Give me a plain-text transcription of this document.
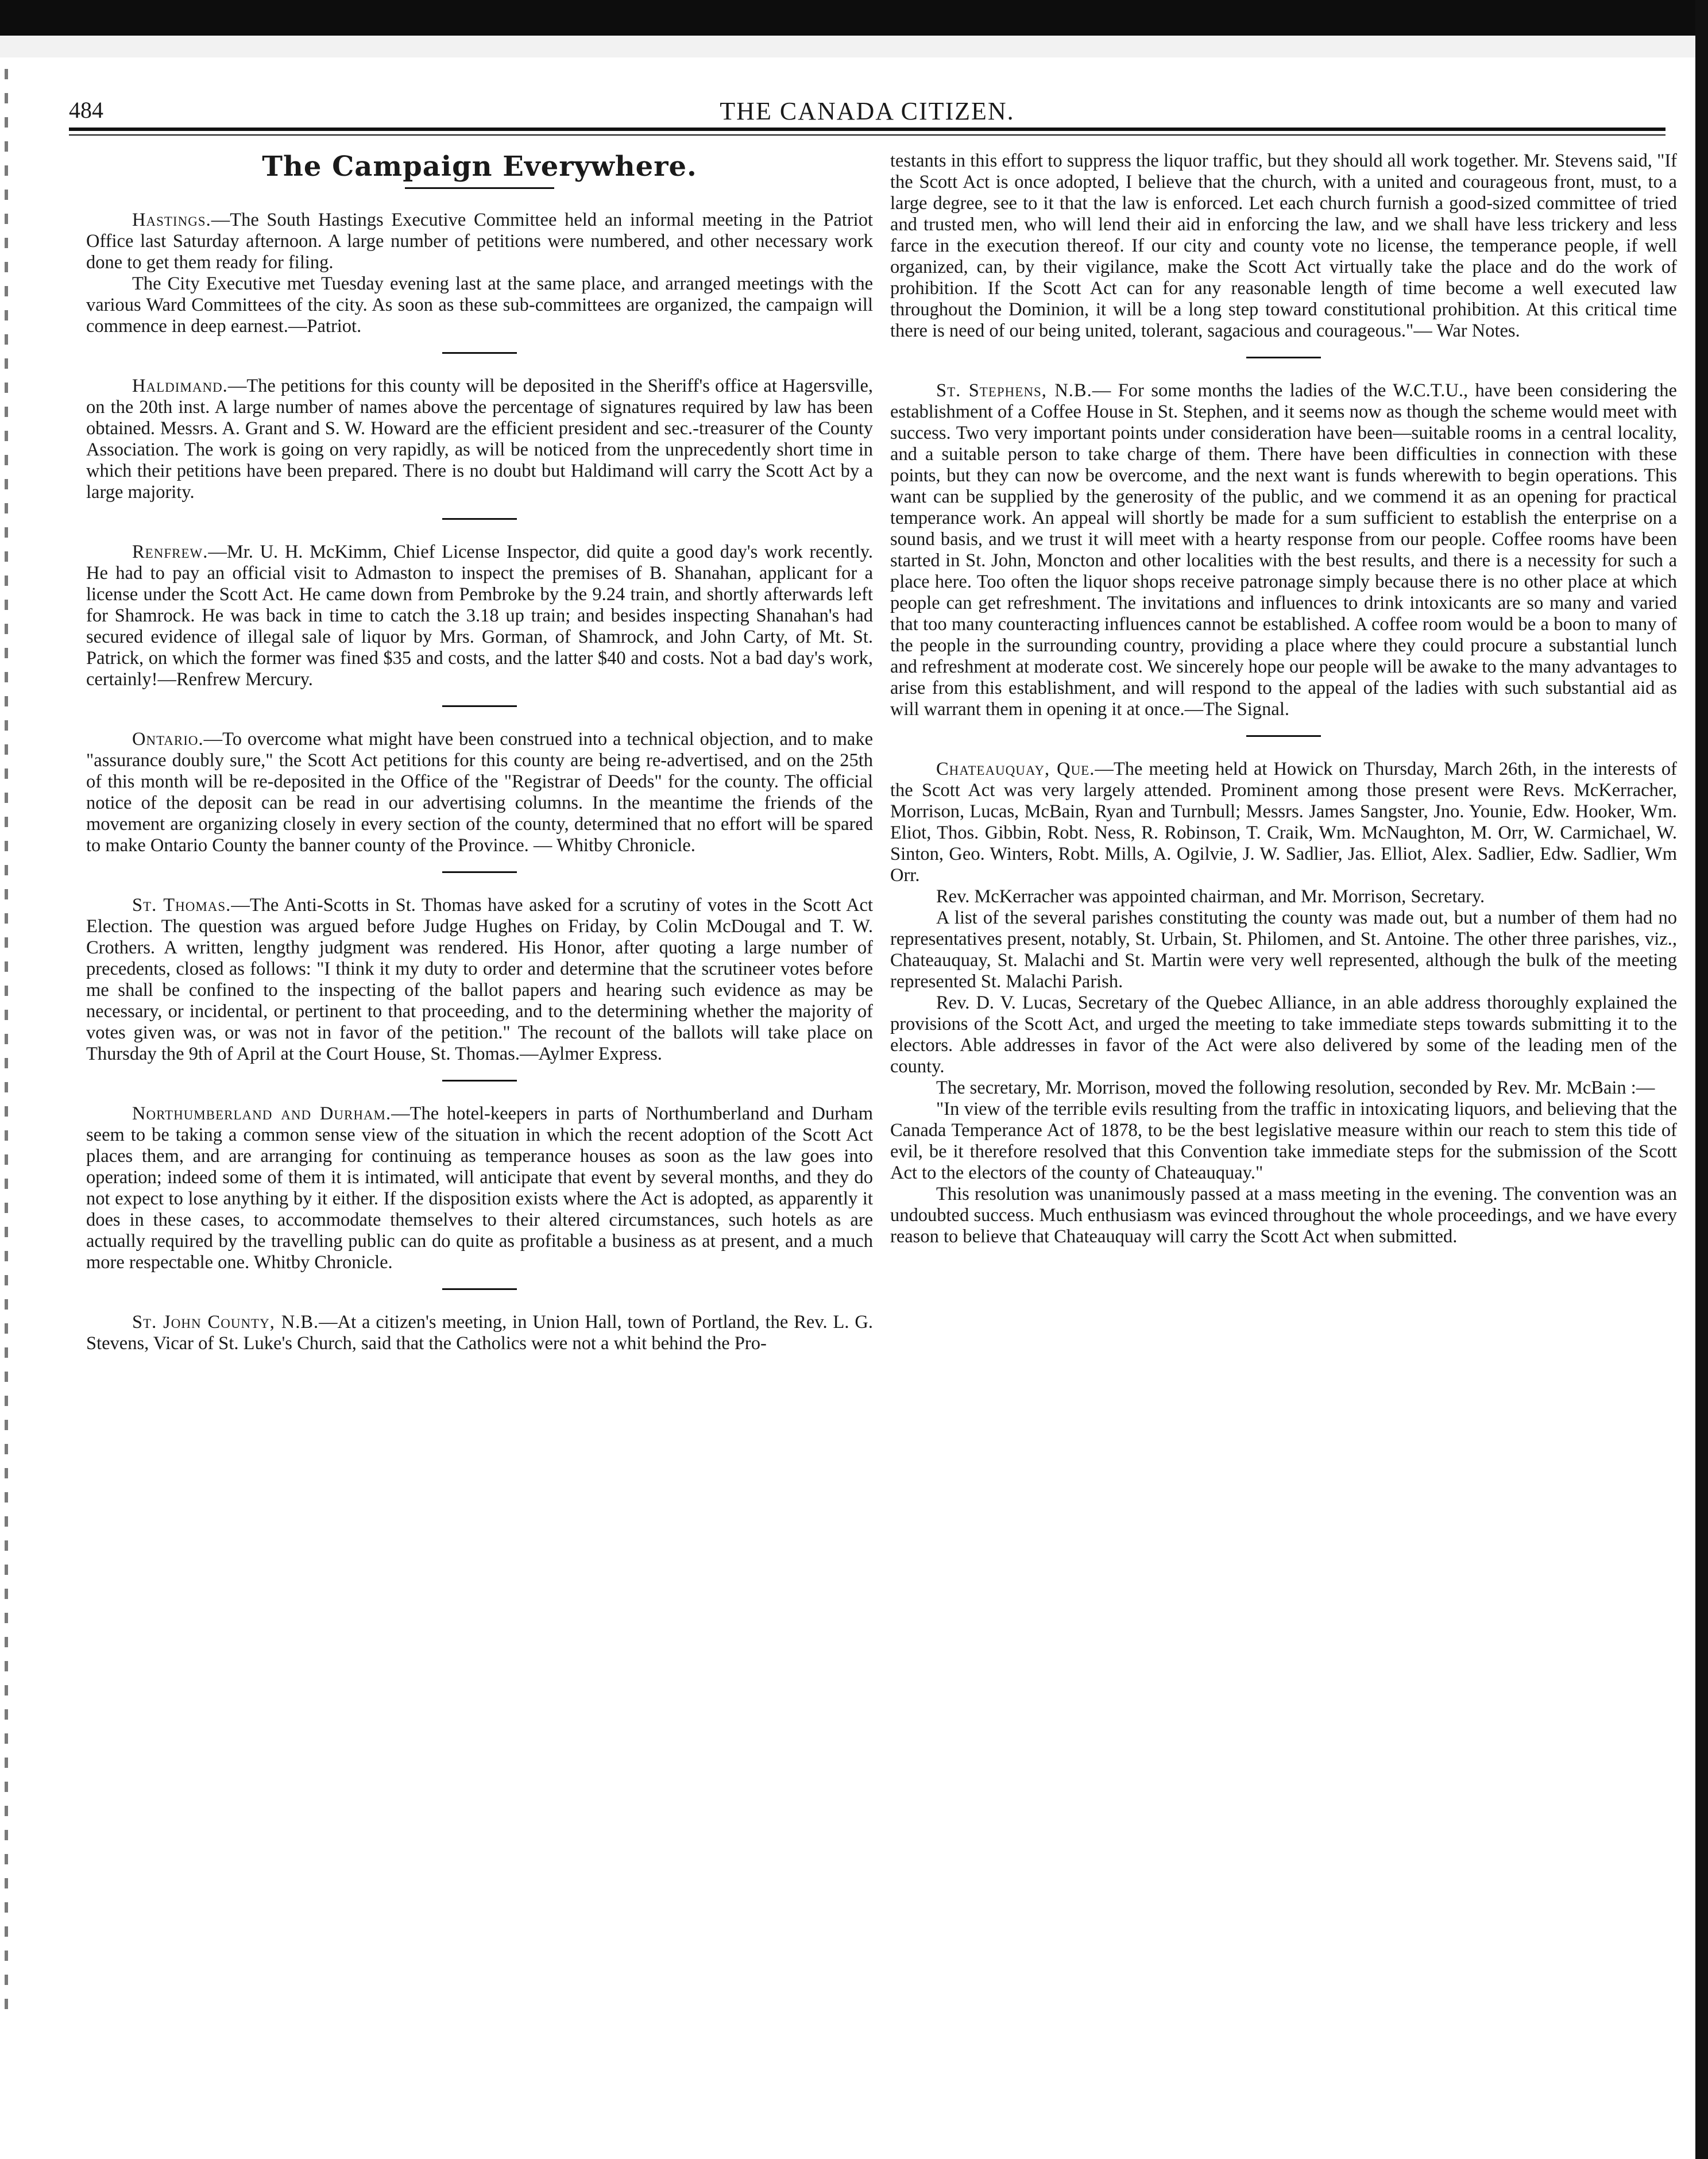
484	THE CANADA CITIZEN.
The Campaign Everywhere.

Hastings.—The South Hastings Executive Committee held an informal meeting in the Patriot Office last Saturday afternoon. A large number of petitions were numbered, and other necessary work done to get them ready for filing.

The City Executive met Tuesday evening last at the same place, and arranged meetings with the various Ward Committees of the city. As soon as these sub-committees are organized, the campaign will commence in deep earnest.—Patriot.

Haldimand.—The petitions for this county will be deposited in the Sheriff's office at Hagersville, on the 20th inst. A large number of names above the percentage of signatures required by law has been obtained. Messrs. A. Grant and S. W. Howard are the efficient president and sec.-treasurer of the County Association. The work is going on very rapidly, as will be noticed from the unprecedently short time in which their petitions have been prepared. There is no doubt but Haldimand will carry the Scott Act by a large majority.

Renfrew.—Mr. U. H. McKimm, Chief License Inspector, did quite a good day's work recently. He had to pay an official visit to Admaston to inspect the premises of B. Shanahan, applicant for a license under the Scott Act. He came down from Pembroke by the 9.24 train, and shortly afterwards left for Shamrock. He was back in time to catch the 3.18 up train; and besides inspecting Shanahan's had secured evidence of illegal sale of liquor by Mrs. Gorman, of Shamrock, and John Carty, of Mt. St. Patrick, on which the former was fined $35 and costs, and the latter $40 and costs. Not a bad day's work, certainly!—Renfrew Mercury.

Ontario.—To overcome what might have been construed into a technical objection, and to make "assurance doubly sure," the Scott Act petitions for this county are being re-advertised, and on the 25th of this month will be re-deposited in the Office of the "Registrar of Deeds" for the county. The official notice of the deposit can be read in our advertising columns. In the meantime the friends of the movement are organizing closely in every section of the county, determined that no effort will be spared to make Ontario County the banner county of the Province. — Whitby Chronicle.

St. Thomas.—The Anti-Scotts in St. Thomas have asked for a scrutiny of votes in the Scott Act Election. The question was argued before Judge Hughes on Friday, by Colin McDougal and T. W. Crothers. A written, lengthy judgment was rendered. His Honor, after quoting a large number of precedents, closed as follows: "I think it my duty to order and determine that the scrutineer votes before me shall be confined to the inspecting of the ballot papers and hearing such evidence as may be necessary, or incidental, or pertinent to that proceeding, and to the determining whether the majority of votes given was, or was not in favor of the petition." The recount of the ballots will take place on Thursday the 9th of April at the Court House, St. Thomas.—Aylmer Express.

Northumberland and Durham.—The hotel-keepers in parts of Northumberland and Durham seem to be taking a common sense view of the situation in which the recent adoption of the Scott Act places them, and are arranging for continuing as temperance houses as soon as the law goes into operation; indeed some of them it is intimated, will anticipate that event by several months, and they do not expect to lose anything by it either. If the disposition exists where the Act is adopted, as apparently it does in these cases, to accommodate themselves to their altered circumstances, such hotels as are actually required by the travelling public can do quite as profitable a business as at present, and a much more respectable one. Whitby Chronicle.

St. John County, N.B.—At a citizen's meeting, in Union Hall, town of Portland, the Rev. L. G. Stevens, Vicar of St. Luke's Church, said that the Catholics were not a whit behind the Pro-

testants in this effort to suppress the liquor traffic, but they should all work together. Mr. Stevens said, "If the Scott Act is once adopted, I believe that the church, with a united and courageous front, must, to a large degree, see to it that the law is enforced. Let each church furnish a good-sized committee of tried and trusted men, who will lend their aid in enforcing the law, and we shall have less trickery and less farce in the execution thereof. If our city and county vote no license, the temperance people, if well organized, can, by their vigilance, make the Scott Act virtually take the place and do the work of prohibition. If the Scott Act can for any reasonable length of time become a well executed law throughout the Dominion, it will be a long step toward constitutional prohibition. At this critical time there is need of our being united, tolerant, sagacious and courageous."— War Notes.

St. Stephens, N.B.— For some months the ladies of the W.C.T.U., have been considering the establishment of a Coffee House in St. Stephen, and it seems now as though the scheme would meet with success. Two very important points under consideration have been—suitable rooms in a central locality, and a suitable person to take charge of them. There have been difficulties in connection with these points, but they can now be overcome, and the next want is funds wherewith to begin operations. This want can be supplied by the generosity of the public, and we commend it as an opening for practical temperance work. An appeal will shortly be made for a sum sufficient to establish the enterprise on a sound basis, and we trust it will meet with a hearty response from our people. Coffee rooms have been started in St. John, Moncton and other localities with the best results, and there is a necessity for such a place here. Too often the liquor shops receive patronage simply because there is no other place at which people can get refreshment. The invitations and influences to drink intoxicants are so many and varied that too many counteracting influences cannot be established. A coffee room would be a boon to many of the people in the surrounding country, providing a place where they could procure a substantial lunch and refreshment at moderate cost. We sincerely hope our people will be awake to the many advantages to arise from this establishment, and will respond to the appeal of the ladies with such substantial aid as will warrant them in opening it at once.—The Signal.

Chateauquay, Que.—The meeting held at Howick on Thursday, March 26th, in the interests of the Scott Act was very largely attended. Prominent among those present were Revs. McKerracher, Morrison, Lucas, McBain, Ryan and Turnbull; Messrs. James Sangster, Jno. Younie, Edw. Hooker, Wm. Eliot, Thos. Gibbin, Robt. Ness, R. Robinson, T. Craik, Wm. McNaughton, M. Orr, W. Carmichael, W. Sinton, Geo. Winters, Robt. Mills, A. Ogilvie, J. W. Sadlier, Jas. Elliot, Alex. Sadlier, Edw. Sadlier, Wm Orr.

Rev. McKerracher was appointed chairman, and Mr. Morrison, Secretary.

A list of the several parishes constituting the county was made out, but a number of them had no representatives present, notably, St. Urbain, St. Philomen, and St. Antoine. The other three parishes, viz., Chateauquay, St. Malachi and St. Martin were very well represented, although the bulk of the meeting represented St. Malachi Parish.

Rev. D. V. Lucas, Secretary of the Quebec Alliance, in an able address thoroughly explained the provisions of the Scott Act, and urged the meeting to take immediate steps towards submitting it to the electors. Able addresses in favor of the Act were also delivered by some of the leading men of the county.

The secretary, Mr. Morrison, moved the following resolution, seconded by Rev. Mr. McBain :—

"In view of the terrible evils resulting from the traffic in intoxicating liquors, and believing that the Canada Temperance Act of 1878, to be the best legislative measure within our reach to stem this tide of evil, be it therefore resolved that this Convention take immediate steps for the submission of the Scott Act to the electors of the county of Chateauquay."

This resolution was unanimously passed at a mass meeting in the evening. The convention was an undoubted success. Much enthusiasm was evinced throughout the whole proceedings, and we have every reason to believe that Chateauquay will carry the Scott Act when submitted.
